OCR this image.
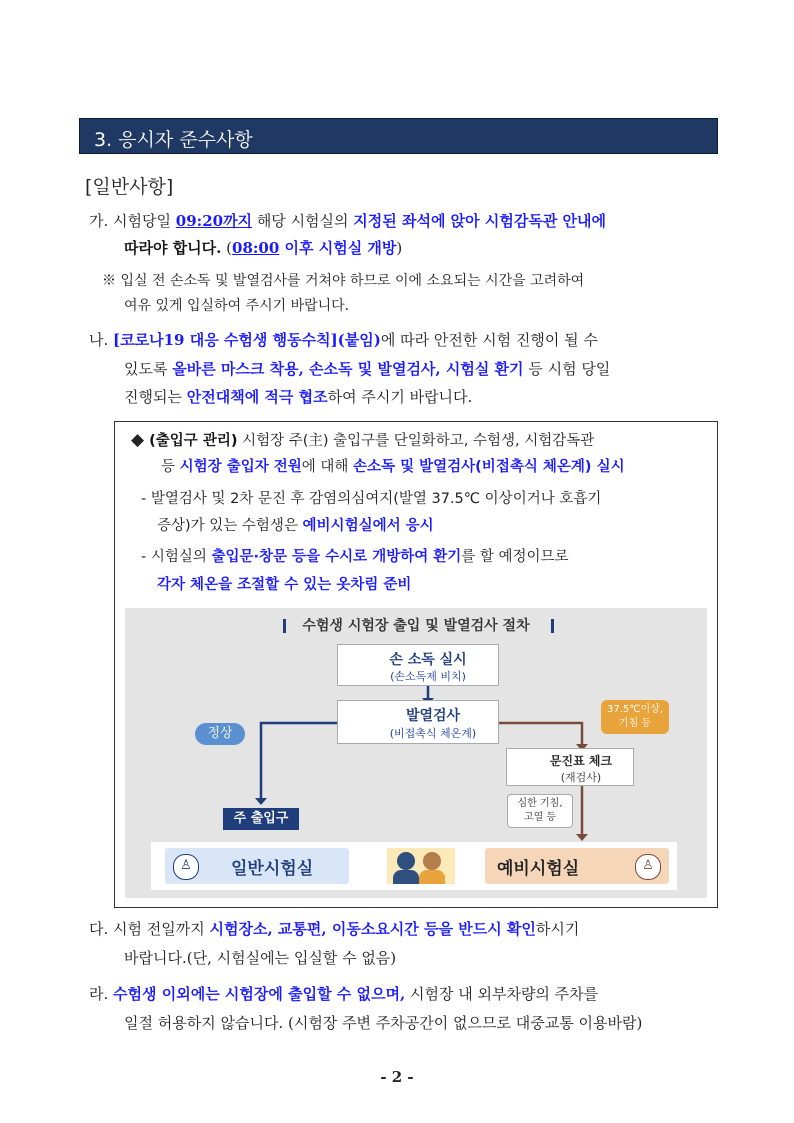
3. 응시자 준수사항
[일반사항]
가. 시험당일 09:20까지 해당 시험실의 지정된 좌석에 앉아 시험감독관 안내에
따라야 합니다. (08:00 이후 시험실 개방)
※ 입실 전 손소독 및 발열검사를 거쳐야 하므로 이에 소요되는 시간을 고려하여
여유 있게 입실하여 주시기 바랍니다.
나. [코로나19 대응 수험생 행동수칙](붙임)에 따라 안전한 시험 진행이 될 수
있도록 올바른 마스크 착용, 손소독 및 발열검사, 시험실 환기 등 시험 당일
진행되는 안전대책에 적극 협조하여 주시기 바랍니다.
◆ (출입구 관리) 시험장 주(主) 출입구를 단일화하고, 수험생, 시험감독관
등 시험장 출입자 전원에 대해 손소독 및 발열검사(비접촉식 체온계) 실시
- 발열검사 및 2차 문진 후 감염의심여지(발열 37.5℃ 이상이거나 호흡기
증상)가 있는 수험생은 예비시험실에서 응시
- 시험실의 출입문·창문 등을 수시로 개방하여 환기를 할 예정이므로
각자 체온을 조절할 수 있는 옷차림 준비
수험생 시험장 출입 및 발열검사 절차
손 소독 실시
(손소독제 비치)
발열검사
(비접촉식 체온계)
정상
37.5℃이상,
기침 등
문진표 체크
(재검사)
심한 기침,
고열 등
주 출입구
♙	일반시험실	예비시험실	♙
다. 시험 전일까지 시험장소, 교통편, 이동소요시간 등을 반드시 확인하시기
바랍니다.(단, 시험실에는 입실할 수 없음)
라. 수험생 이외에는 시험장에 출입할 수 없으며, 시험장 내 외부차량의 주차를
일절 허용하지 않습니다. (시험장 주변 주차공간이 없으므로 대중교통 이용바람)
- 2 -
